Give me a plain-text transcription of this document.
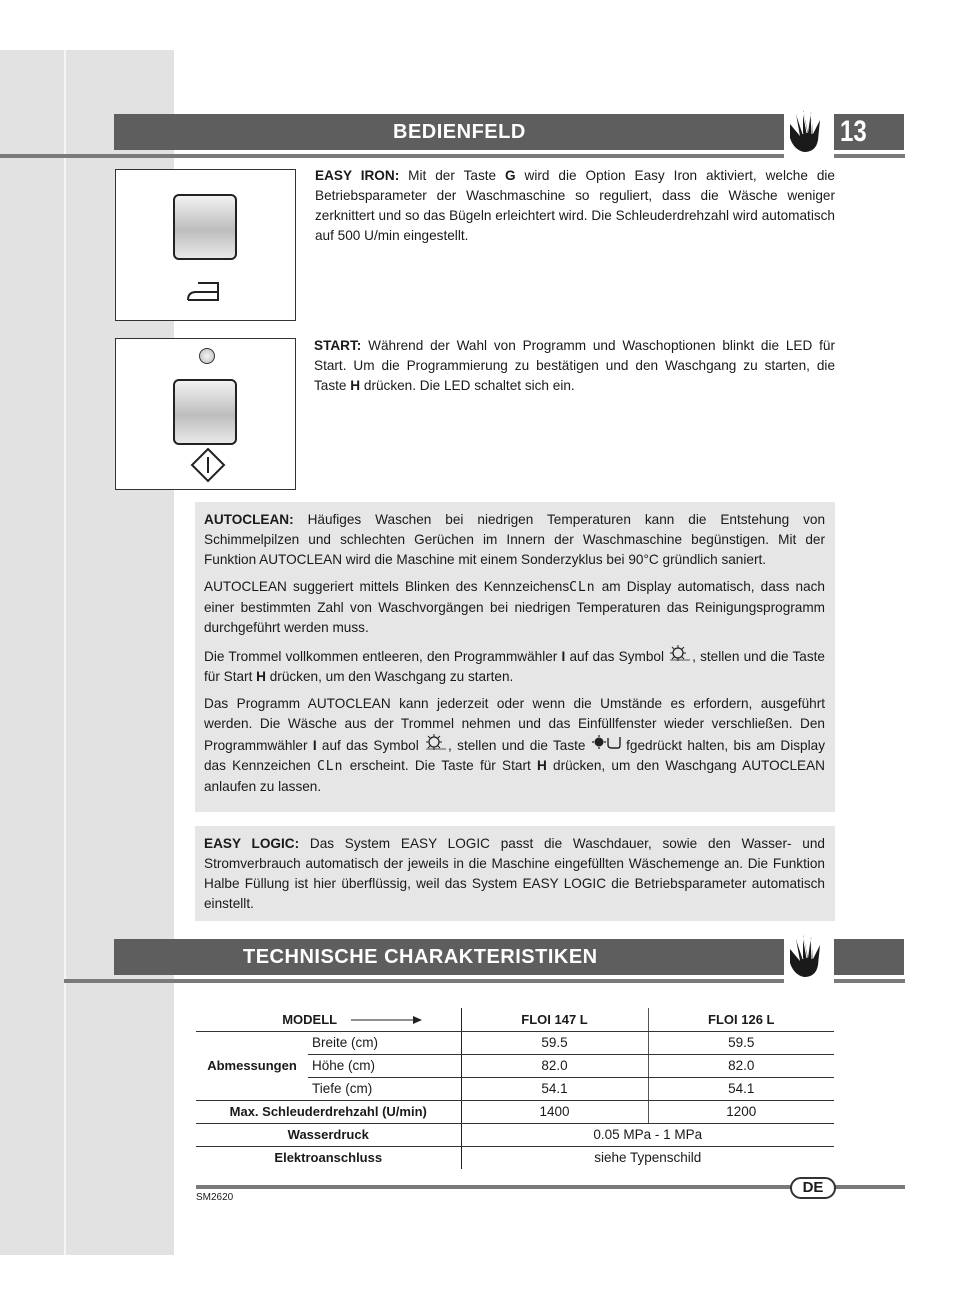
BEDIENFELD	13
EASY IRON: Mit der Taste G wird die Option Easy Iron aktiviert, welche die Betriebsparameter der Waschmaschine so reguliert, dass die Wäsche weniger zerknittert und so das Bügeln erleichtert wird. Die Schleuderdrehzahl wird automatisch auf 500 U/min eingestellt.
START: Während der Wahl von Programm und Waschoptionen blinkt die LED für Start. Um die Programmierung zu bestätigen und den Waschgang zu starten, die Taste H drücken. Die LED schaltet sich ein.
AUTOCLEAN: Häufiges Waschen bei niedrigen Temperaturen kann die Entstehung von Schimmelpilzen und schlechten Gerüchen im Innern der Waschmaschine begünstigen. Mit der Funktion AUTOCLEAN wird die Maschine mit einem Sonderzyklus bei 90°C gründlich saniert.
AUTOCLEAN suggeriert mittels Blinken des KennzeichensCLn am Display automatisch, dass nach einer bestimmten Zahl von Waschvorgängen bei niedrigen Temperaturen das Reinigungsprogramm durchgeführt werden muss.
Die Trommel vollkommen entleeren, den Programmwähler I auf das Symbol , stellen und die Taste für Start H drücken, um den Waschgang zu starten.
Das Programm AUTOCLEAN kann jederzeit oder wenn die Umstände es erfordern, ausgeführt werden. Die Wäsche aus der Trommel nehmen und das Einfüllfenster wieder verschließen. Den Programmwähler I auf das Symbol , stellen und die Taste  fgedrückt halten, bis am Display das Kennzeichen CLn erscheint. Die Taste für Start H drücken, um den Waschgang AUTOCLEAN anlaufen zu lassen.
EASY LOGIC: Das System EASY LOGIC passt die Waschdauer, sowie den Wasser- und Stromverbrauch automatisch der jeweils in die Maschine eingefüllten Wäschemenge an. Die Funktion Halbe Füllung ist hier überflüssig, weil das System EASY LOGIC die Betriebsparameter automatisch einstellt.
TECHNISCHE CHARAKTERISTIKEN
MODELL		FLOI 147 L	FLOI 126 L
Abmessungen	Breite (cm)	59.5	59.5
	Höhe (cm)	82.0	82.0
	Tiefe (cm)	54.1	54.1
Max. Schleuderdrehzahl (U/min)		1400	1200
Wasserdruck		0.05 MPa - 1 MPa	
Elektroanschluss		siehe Typenschild	
DE
SM2620
